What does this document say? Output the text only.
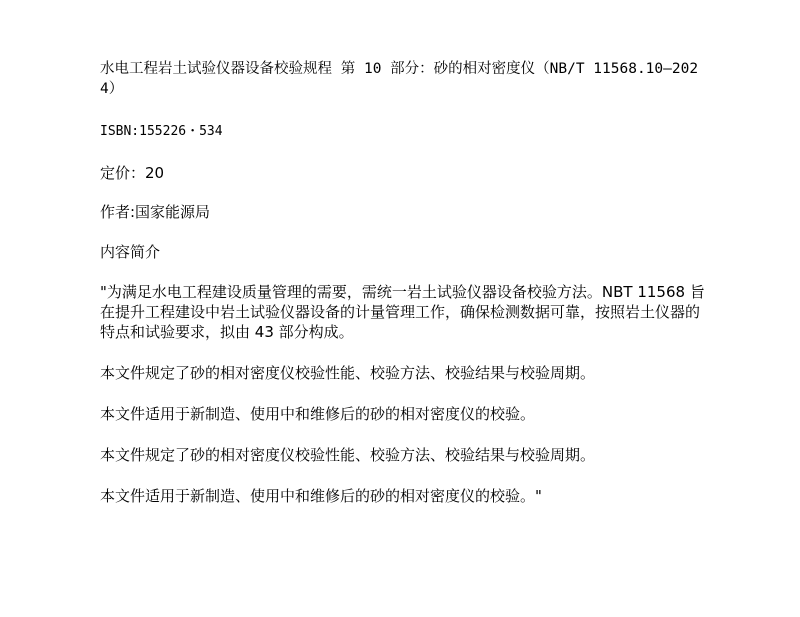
水电工程岩土试验仪器设备校验规程 第 10 部分：砂的相对密度仪（NB/T 11568.10—2024）

ISBN:155226・534

定价：20

作者:国家能源局

内容简介

"为满足水电工程建设质量管理的需要，需统一岩土试验仪器设备校验方法。NBT 11568 旨在提升工程建设中岩土试验仪器设备的计量管理工作，确保检测数据可靠，按照岩土仪器的特点和试验要求，拟由 43 部分构成。

本文件规定了砂的相对密度仪校验性能、校验方法、校验结果与校验周期。

本文件适用于新制造、使用中和维修后的砂的相对密度仪的校验。

本文件规定了砂的相对密度仪校验性能、校验方法、校验结果与校验周期。

本文件适用于新制造、使用中和维修后的砂的相对密度仪的校验。"
